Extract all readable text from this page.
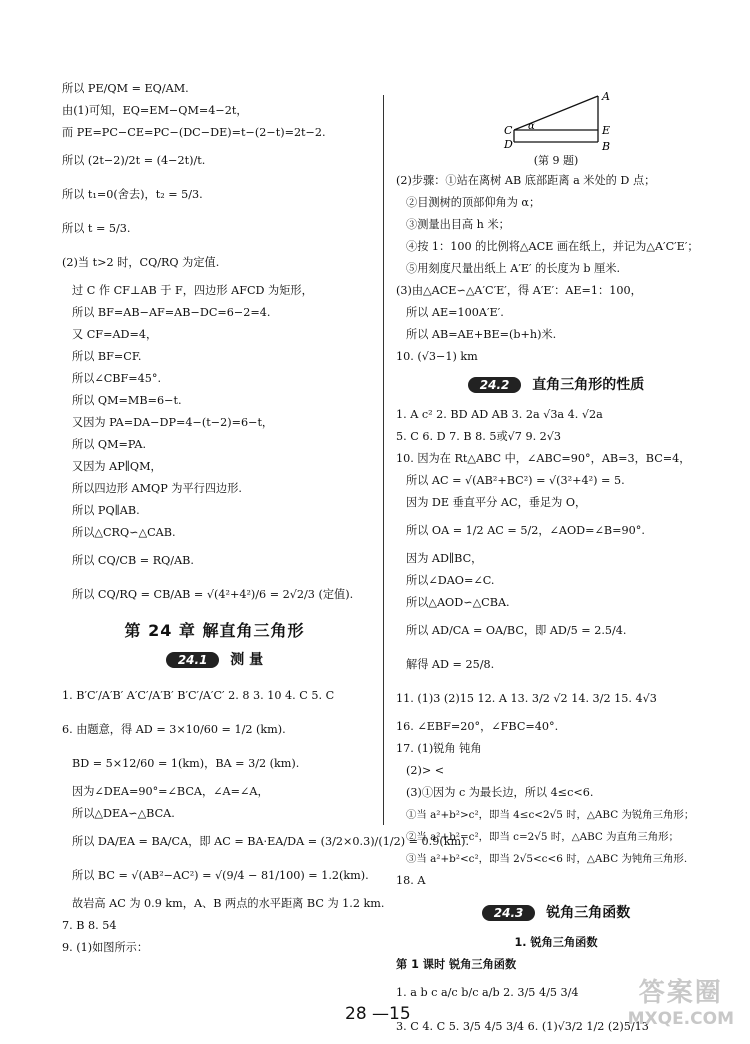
所以 PE/QM = EQ/AM.
由(1)可知，EQ=EM−QM=4−2t，
而 PE=PC−CE=PC−(DC−DE)=t−(2−t)=2t−2.
所以 (2t−2)/2t = (4−2t)/t.
所以 t₁=0(舍去)，t₂ = 5/3.
所以 t = 5/3.
(2)当 t>2 时，CQ/RQ 为定值.
过 C 作 CF⊥AB 于 F，四边形 AFCD 为矩形，
所以 BF=AB−AF=AB−DC=6−2=4.
又 CF=AD=4，
所以 BF=CF.
所以∠CBF=45°.
所以 QM=MB=6−t.
又因为 PA=DA−DP=4−(t−2)=6−t，
所以 QM=PA.
又因为 AP∥QM，
所以四边形 AMQP 为平行四边形.
所以 PQ∥AB.
所以△CRQ∽△CAB.
所以 CQ/CB = RQ/AB.
所以 CQ/RQ = CB/AB = √(4²+4²)/6 = 2√2/3 (定值).
第 24 章 解直角三角形
24.1 测 量
1. B′C′/A′B′ A′C′/A′B′ B′C′/A′C′ 2. 8 3. 10 4. C 5. C
6. 由题意，得 AD = 3×10/60 = 1/2 (km).
BD = 5×12/60 = 1(km)，BA = 3/2 (km).
因为∠DEA=90°=∠BCA，∠A=∠A，
所以△DEA∽△BCA.
所以 DA/EA = BA/CA，即 AC = BA·EA/DA = (3/2×0.3)/(1/2) = 0.9(km).
所以 BC = √(AB²−AC²) = √(9/4 − 81/100) = 1.2(km).
故岩高 AC 为 0.9 km，A、B 两点的水平距离 BC 为 1.2 km.
7. B 8. 54
9. (1)如图所示：
A
B
C
D
E
α
(第 9 题)
(2)步骤：①站在离树 AB 底部距离 a 米处的 D 点；
②目测树的顶部仰角为 α；
③测量出目高 h 米；
④按 1：100 的比例将△ACE 画在纸上，并记为△A′C′E′；
⑤用刻度尺量出纸上 A′E′ 的长度为 b 厘米.
(3)由△ACE∽△A′C′E′，得 A′E′：AE=1：100，
所以 AE=100A′E′.
所以 AB=AE+BE=(b+h)米.
10. (√3−1) km
24.2 直角三角形的性质
1. A c² 2. BD AD AB 3. 2a √3a 4. √2a
5. C 6. D 7. B 8. 5或√7 9. 2√3
10. 因为在 Rt△ABC 中，∠ABC=90°，AB=3，BC=4，
所以 AC = √(AB²+BC²) = √(3²+4²) = 5.
因为 DE 垂直平分 AC，垂足为 O，
所以 OA = 1/2 AC = 5/2，∠AOD=∠B=90°.
因为 AD∥BC，
所以∠DAO=∠C.
所以△AOD∽△CBA.
所以 AD/CA = OA/BC，即 AD/5 = 2.5/4.
解得 AD = 25/8.
11. (1)3 (2)15 12. A 13. 3/2 √2 14. 3/2 15. 4√3
16. ∠EBF=20°，∠FBC=40°.
17. (1)锐角 钝角
(2)> <
(3)①因为 c 为最长边，所以 4≤c<6.
①当 a²+b²>c²，即当 4≤c<2√5 时，△ABC 为锐角三角形；
②当 a²+b²=c²，即当 c=2√5 时，△ABC 为直角三角形；
③当 a²+b²<c²，即当 2√5<c<6 时，△ABC 为钝角三角形.
18. A
24.3 锐角三角函数
1. 锐角三角函数
第 1 课时 锐角三角函数
1. a b c a/c b/c a/b 2. 3/5 4/5 3/4
3. C 4. C 5. 3/5 4/5 3/4 6. (1)√3/2 1/2 (2)5/13
28 —15
答案圈
MXQE.COM
